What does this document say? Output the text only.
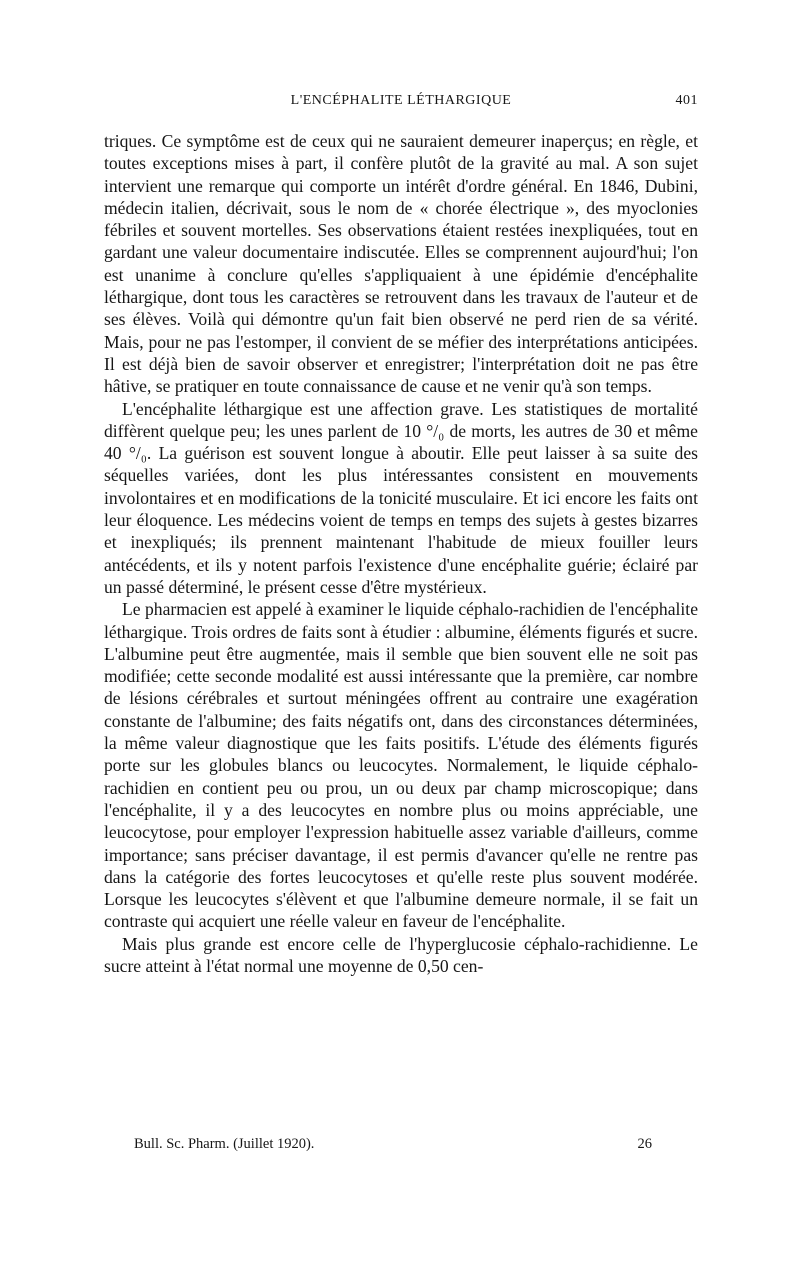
L'ENCÉPHALITE LÉTHARGIQUE	401

triques. Ce symptôme est de ceux qui ne sauraient demeurer inaperçus; en règle, et toutes exceptions mises à part, il confère plutôt de la gravité au mal. A son sujet intervient une remarque qui comporte un intérêt d'ordre général. En 1846, Dubini, médecin italien, décrivait, sous le nom de « chorée électrique », des myoclonies fébriles et souvent mortelles. Ses observations étaient restées inexpliquées, tout en gardant une valeur documentaire indiscutée. Elles se comprennent aujourd'hui; l'on est unanime à conclure qu'elles s'appliquaient à une épidémie d'encéphalite léthargique, dont tous les caractères se retrouvent dans les travaux de l'auteur et de ses élèves. Voilà qui démontre qu'un fait bien observé ne perd rien de sa vérité. Mais, pour ne pas l'estomper, il convient de se méfier des interprétations anticipées. Il est déjà bien de savoir observer et enregistrer; l'interprétation doit ne pas être hâtive, se pratiquer en toute connaissance de cause et ne venir qu'à son temps.

L'encéphalite léthargique est une affection grave. Les statistiques de mortalité diffèrent quelque peu; les unes parlent de 10 °/₀ de morts, les autres de 30 et même 40 °/₀. La guérison est souvent longue à aboutir. Elle peut laisser à sa suite des séquelles variées, dont les plus intéressantes consistent en mouvements involontaires et en modifications de la tonicité musculaire. Et ici encore les faits ont leur éloquence. Les médecins voient de temps en temps des sujets à gestes bizarres et inexpliqués; ils prennent maintenant l'habitude de mieux fouiller leurs antécédents, et ils y notent parfois l'existence d'une encéphalite guérie; éclairé par un passé déterminé, le présent cesse d'être mystérieux.

Le pharmacien est appelé à examiner le liquide céphalo-rachidien de l'encéphalite léthargique. Trois ordres de faits sont à étudier : albumine, éléments figurés et sucre. L'albumine peut être augmentée, mais il semble que bien souvent elle ne soit pas modifiée; cette seconde modalité est aussi intéressante que la première, car nombre de lésions cérébrales et surtout méningées offrent au contraire une exagération constante de l'albumine; des faits négatifs ont, dans des circonstances déterminées, la même valeur diagnostique que les faits positifs. L'étude des éléments figurés porte sur les globules blancs ou leucocytes. Normalement, le liquide céphalo-rachidien en contient peu ou prou, un ou deux par champ microscopique; dans l'encéphalite, il y a des leucocytes en nombre plus ou moins appréciable, une leucocytose, pour employer l'expression habituelle assez variable d'ailleurs, comme importance; sans préciser davantage, il est permis d'avancer qu'elle ne rentre pas dans la catégorie des fortes leucocytoses et qu'elle reste plus souvent modérée. Lorsque les leucocytes s'élèvent et que l'albumine demeure normale, il se fait un contraste qui acquiert une réelle valeur en faveur de l'encéphalite.

Mais plus grande est encore celle de l'hyperglucosie céphalo-rachidienne. Le sucre atteint à l'état normal une moyenne de 0,50 cen-

Bull. Sc. Pharm. (Juillet 1920).	26
